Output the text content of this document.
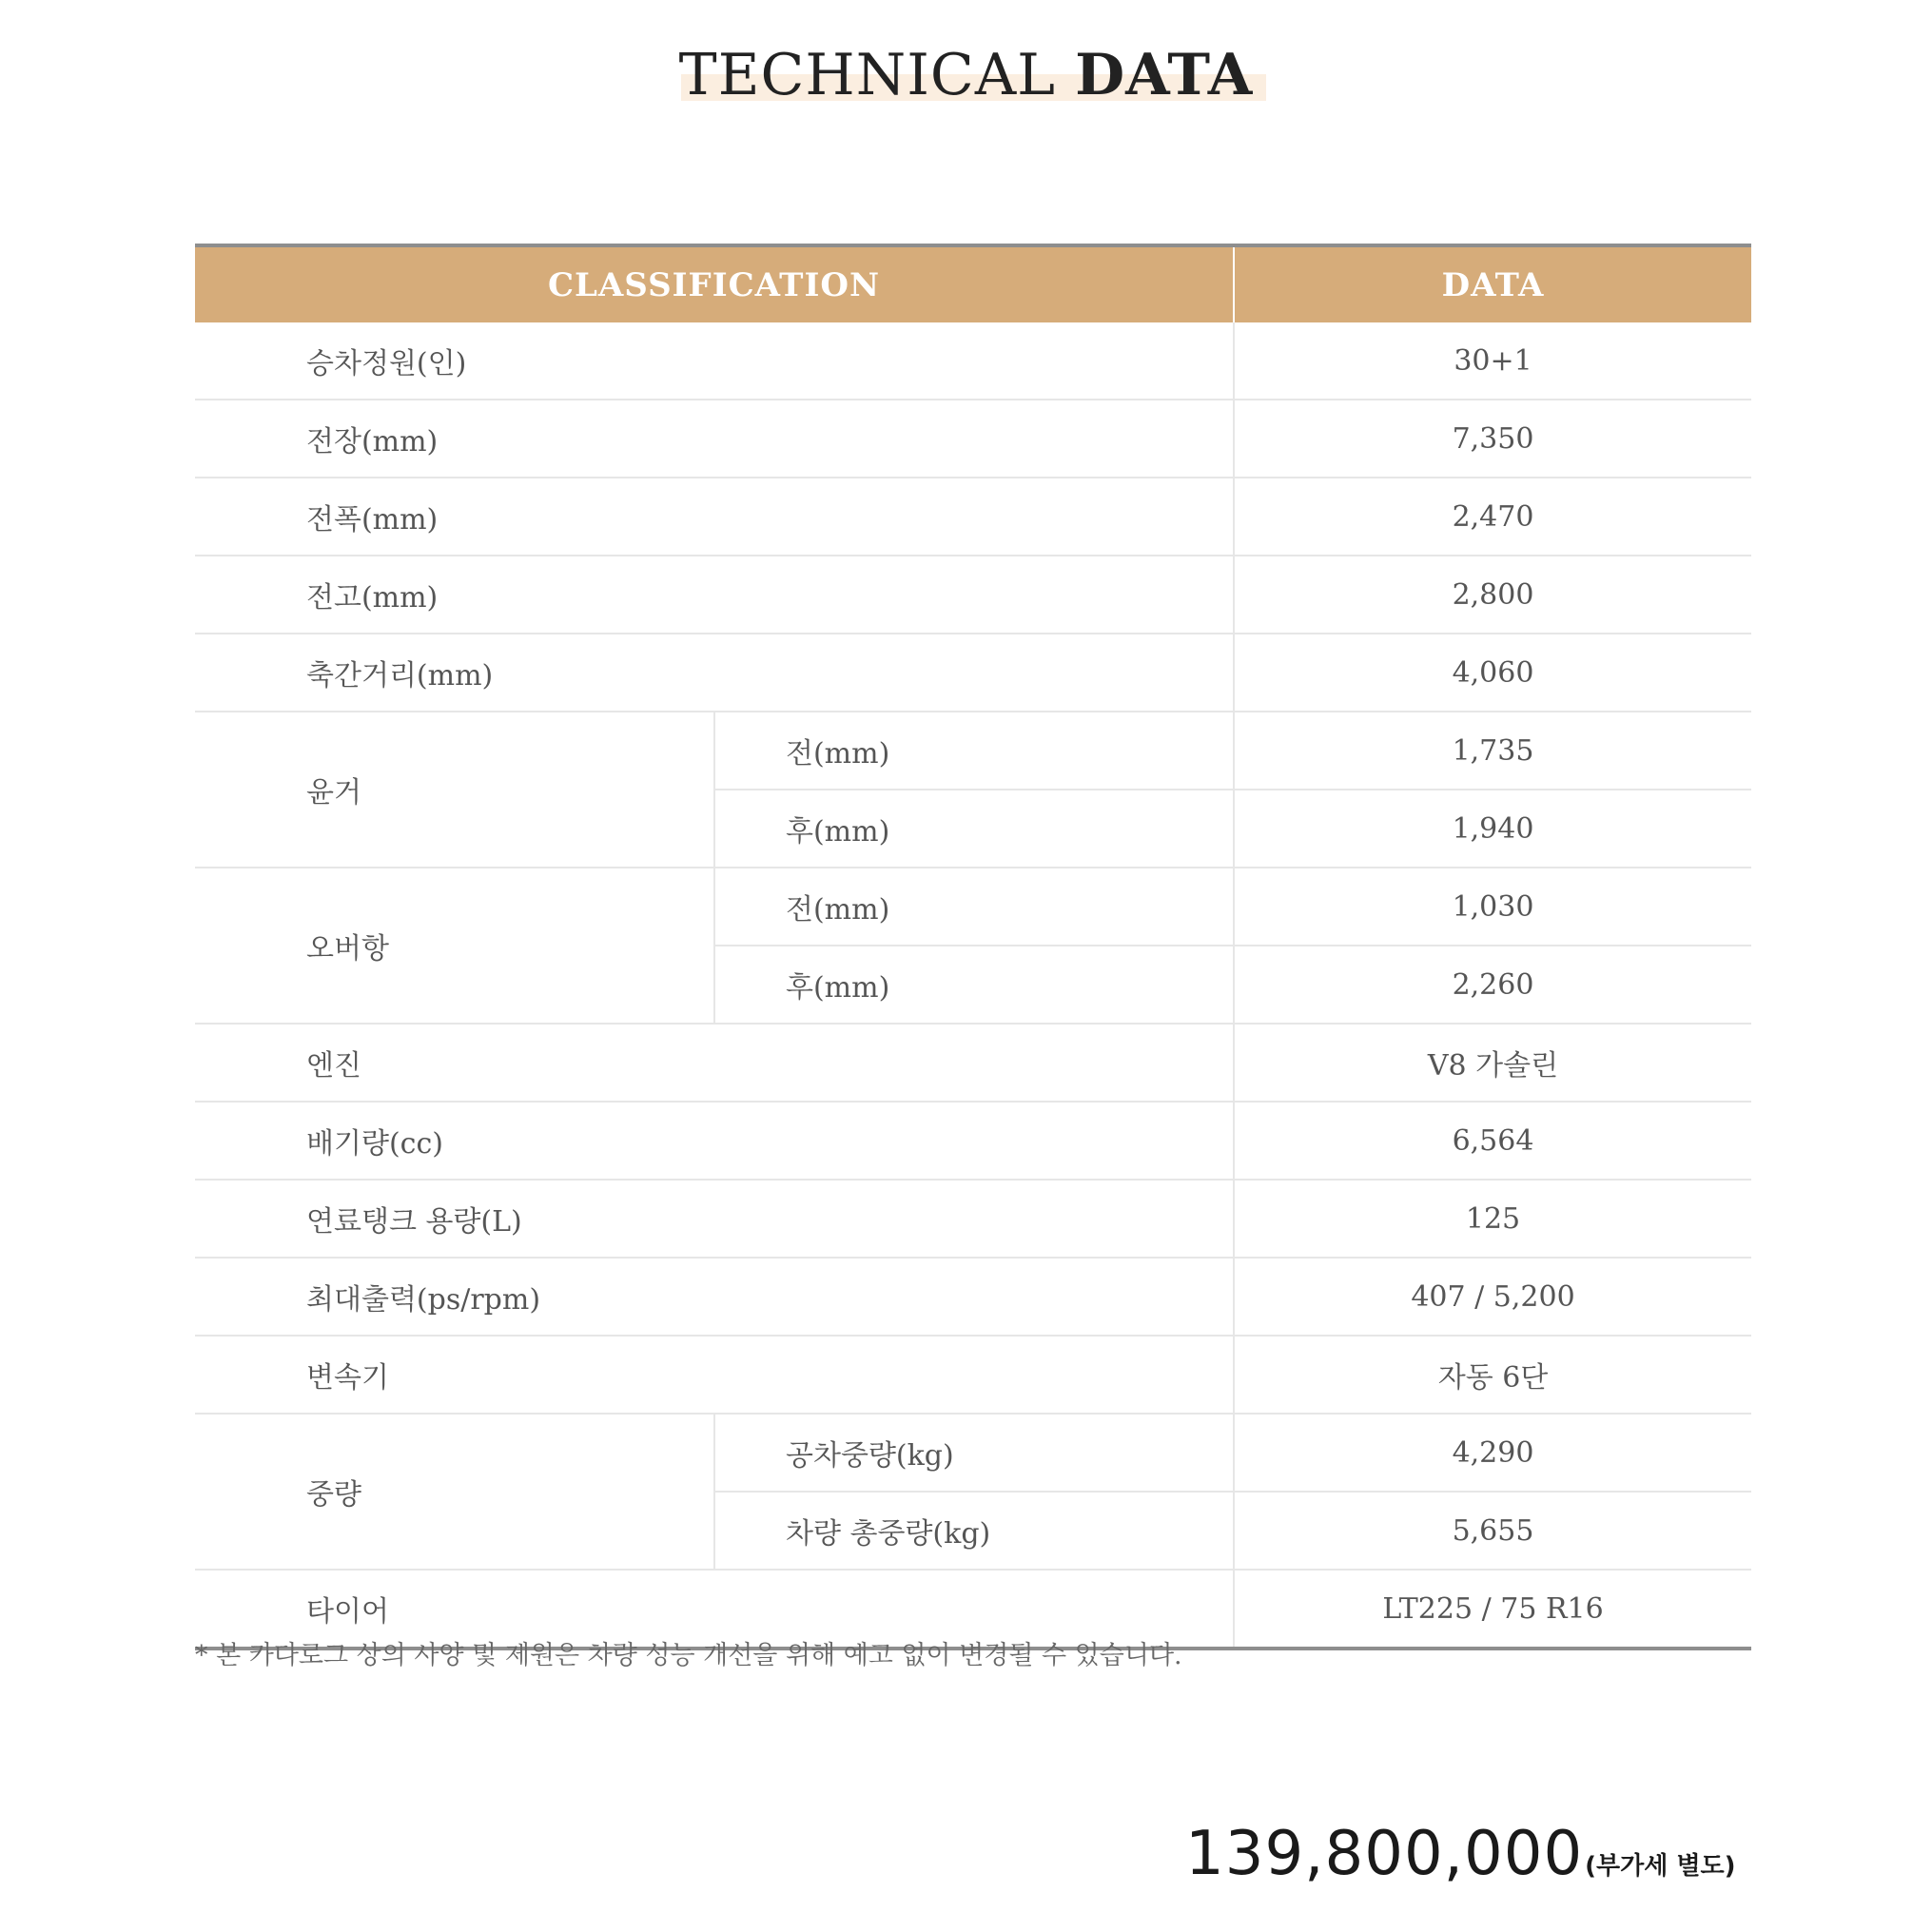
TECHNICAL DATA
CLASSIFICATION		DATA
승차정원(인)		30+1
전장(mm)		7,350
전폭(mm)		2,470
전고(mm)		2,800
축간거리(mm)		4,060
윤거	전(mm)	1,735
	후(mm)	1,940
오버항	전(mm)	1,030
	후(mm)	2,260
엔진		V8 가솔린
배기량(cc)		6,564
연료탱크 용량(L)		125
최대출력(ps/rpm)		407 / 5,200
변속기		자동 6단
중량	공차중량(kg)	4,290
	차량 총중량(kg)	5,655
타이어		LT225 / 75 R16
* 본 카다로그 상의 사양 및 제원은 차량 성능 개선을 위해 예고 없이 변경될 수 있습니다.
139,800,000(부가세 별도)
